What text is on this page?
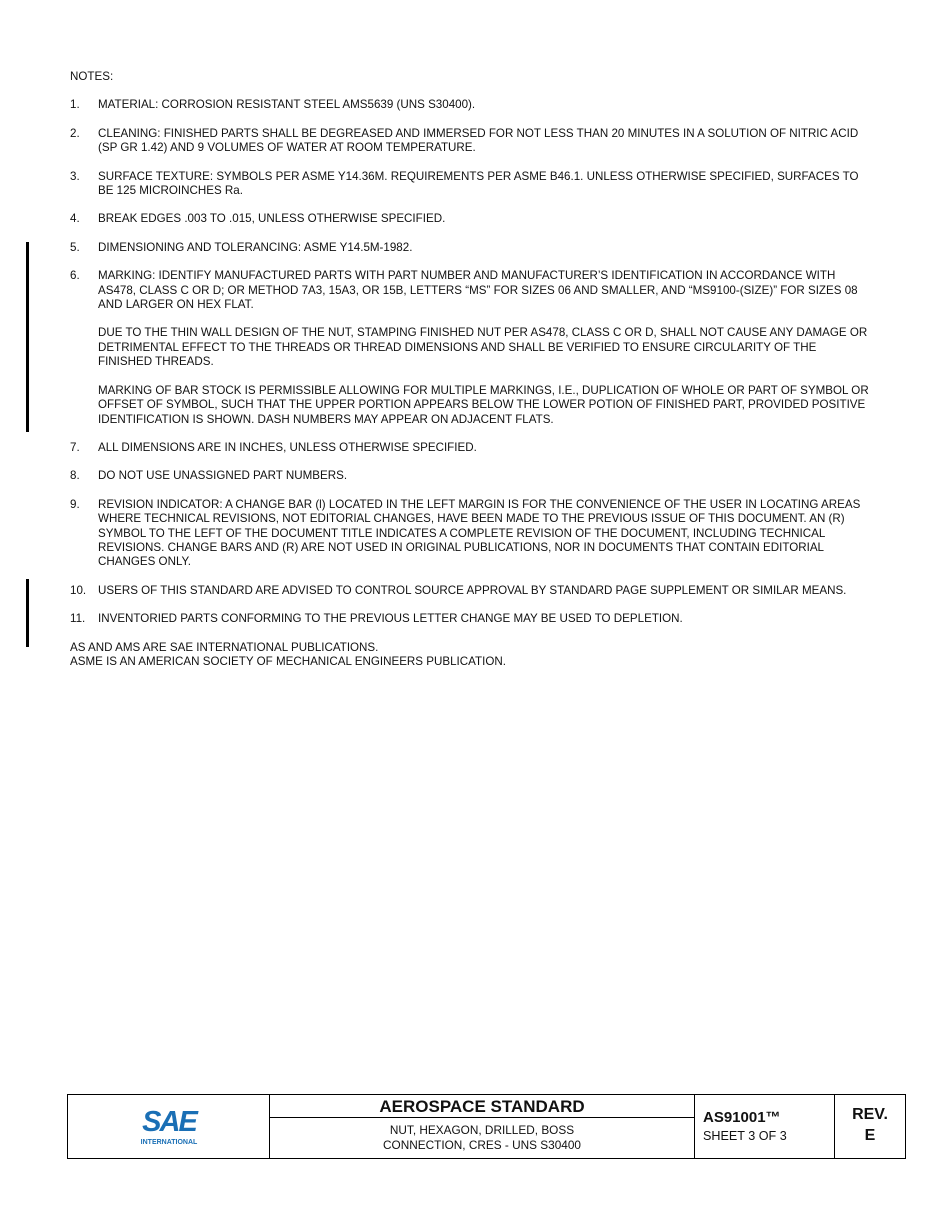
NOTES:
1. MATERIAL: CORROSION RESISTANT STEEL AMS5639 (UNS S30400).

2. CLEANING: FINISHED PARTS SHALL BE DEGREASED AND IMMERSED FOR NOT LESS THAN 20 MINUTES IN A SOLUTION OF NITRIC ACID (SP GR 1.42) AND 9 VOLUMES OF WATER AT ROOM TEMPERATURE.

3. SURFACE TEXTURE: SYMBOLS PER ASME Y14.36M. REQUIREMENTS PER ASME B46.1. UNLESS OTHERWISE SPECIFIED, SURFACES TO BE 125 MICROINCHES Ra.

4. BREAK EDGES .003 TO .015, UNLESS OTHERWISE SPECIFIED.

5. DIMENSIONING AND TOLERANCING: ASME Y14.5M-1982.

6. MARKING: IDENTIFY MANUFACTURED PARTS WITH PART NUMBER AND MANUFACTURER’S IDENTIFICATION IN ACCORDANCE WITH AS478, CLASS C OR D; OR METHOD 7A3, 15A3, OR 15B, LETTERS “MS” FOR SIZES 06 AND SMALLER, AND “MS9100-(SIZE)” FOR SIZES 08 AND LARGER ON HEX FLAT.

DUE TO THE THIN WALL DESIGN OF THE NUT, STAMPING FINISHED NUT PER AS478, CLASS C OR D, SHALL NOT CAUSE ANY DAMAGE OR DETRIMENTAL EFFECT TO THE THREADS OR THREAD DIMENSIONS AND SHALL BE VERIFIED TO ENSURE CIRCULARITY OF THE FINISHED THREADS.

MARKING OF BAR STOCK IS PERMISSIBLE ALLOWING FOR MULTIPLE MARKINGS, I.E., DUPLICATION OF WHOLE OR PART OF SYMBOL OR OFFSET OF SYMBOL, SUCH THAT THE UPPER PORTION APPEARS BELOW THE LOWER POTION OF FINISHED PART, PROVIDED POSITIVE IDENTIFICATION IS SHOWN. DASH NUMBERS MAY APPEAR ON ADJACENT FLATS.

7. ALL DIMENSIONS ARE IN INCHES, UNLESS OTHERWISE SPECIFIED.

8. DO NOT USE UNASSIGNED PART NUMBERS.

9. REVISION INDICATOR: A CHANGE BAR (l) LOCATED IN THE LEFT MARGIN IS FOR THE CONVENIENCE OF THE USER IN LOCATING AREAS WHERE TECHNICAL REVISIONS, NOT EDITORIAL CHANGES, HAVE BEEN MADE TO THE PREVIOUS ISSUE OF THIS DOCUMENT. AN (R) SYMBOL TO THE LEFT OF THE DOCUMENT TITLE INDICATES A COMPLETE REVISION OF THE DOCUMENT, INCLUDING TECHNICAL REVISIONS. CHANGE BARS AND (R) ARE NOT USED IN ORIGINAL PUBLICATIONS, NOR IN DOCUMENTS THAT CONTAIN EDITORIAL CHANGES ONLY.

10. USERS OF THIS STANDARD ARE ADVISED TO CONTROL SOURCE APPROVAL BY STANDARD PAGE SUPPLEMENT OR SIMILAR MEANS.

11. INVENTORIED PARTS CONFORMING TO THE PREVIOUS LETTER CHANGE MAY BE USED TO DEPLETION.

AS AND AMS ARE SAE INTERNATIONAL PUBLICATIONS.
ASME IS AN AMERICAN SOCIETY OF MECHANICAL ENGINEERS PUBLICATION.
SAE
INTERNATIONAL
AEROSPACE STANDARD
NUT, HEXAGON, DRILLED, BOSS
CONNECTION, CRES - UNS S30400
AS91001™
SHEET 3 OF 3
REV.
E
